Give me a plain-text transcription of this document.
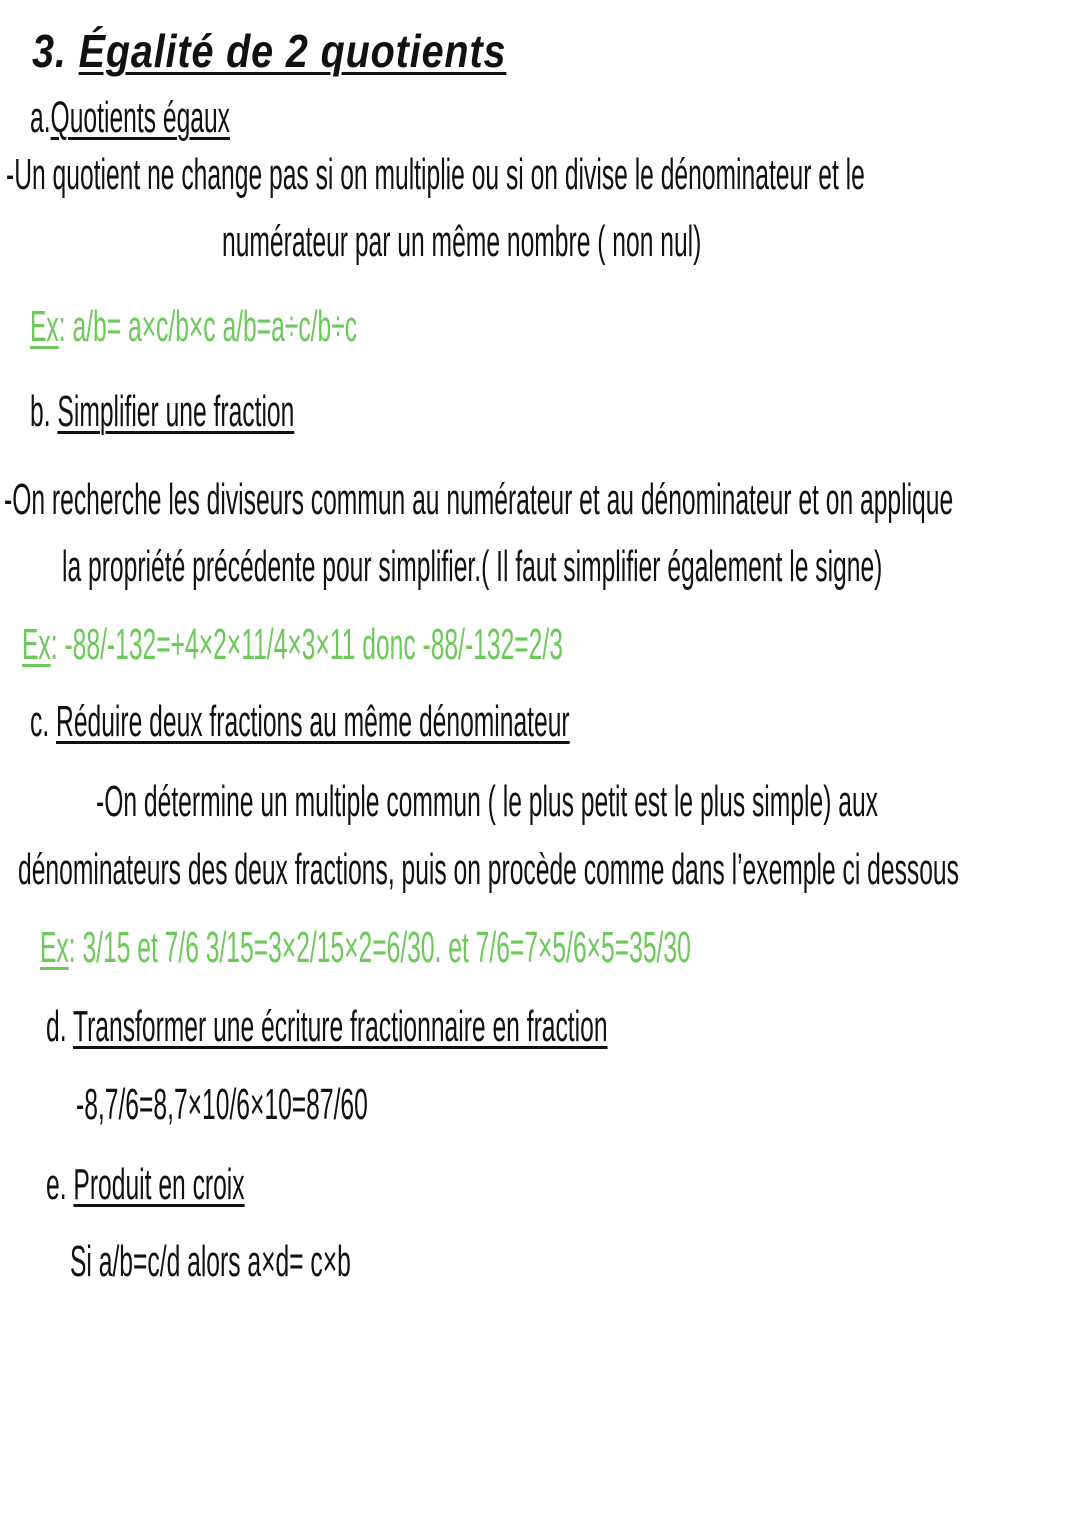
3. Égalité de 2 quotients
a.Quotients égaux
-Un quotient ne change pas si on multiplie ou si on divise le dénominateur et le
numérateur par un même nombre ( non nul)
Ex: a/b= a×c/b×c a/b=a÷c/b÷c
b. Simplifier une fraction
-On recherche les diviseurs commun au numérateur et au dénominateur et on applique
la propriété précédente pour simplifier.( Il faut simplifier également le signe)
Ex: -88/-132=+4×2×11/4×3×11 donc -88/-132=2/3
c. Réduire deux fractions au même dénominateur
-On détermine un multiple commun ( le plus petit est le plus simple) aux
dénominateurs des deux fractions, puis on procède comme dans l’exemple ci dessous
Ex: 3/15 et 7/6 3/15=3×2/15×2=6/30. et 7/6=7×5/6×5=35/30
d. Transformer une écriture fractionnaire en fraction
-8,7/6=8,7×10/6×10=87/60
e. Produit en croix
Si a/b=c/d alors a×d= c×b
